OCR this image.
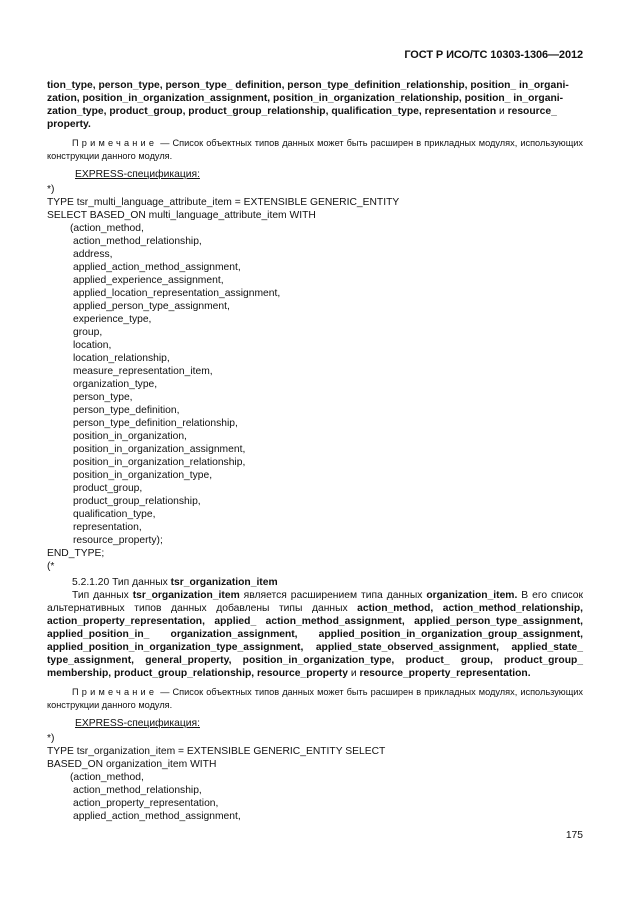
ГОСТ Р ИСО/ТС 10303-1306—2012
tion_type, person_type, person_type_ definition, person_type_definition_relationship, position_ in_organi-
zation, position_in_organization_assignment, position_in_organization_relationship, position_ in_organi-
zation_type, product_group, product_group_relationship, qualification_type, representation и resource_
property.
Примечание — Список объектных типов данных может быть расширен в прикладных модулях, использующих конструкции данного модуля.
EXPRESS-спецификация:
*)
TYPE tsr_multi_language_attribute_item = EXTENSIBLE GENERIC_ENTITY
SELECT BASED_ON multi_language_attribute_item WITH
(action_method,
action_method_relationship,
address,
applied_action_method_assignment,
applied_experience_assignment,
applied_location_representation_assignment,
applied_person_type_assignment,
experience_type,
group,
location,
location_relationship,
measure_representation_item,
organization_type,
person_type,
person_type_definition,
person_type_definition_relationship,
position_in_organization,
position_in_organization_assignment,
position_in_organization_relationship,
position_in_organization_type,
product_group,
product_group_relationship,
qualification_type,
representation,
resource_property);
END_TYPE;
(*
5.2.1.20 Тип данных tsr_organization_item
Тип данных tsr_organization_item является расширением типа данных organization_item. В его список альтернативных типов данных добавлены типы данных action_method, action_method_relationship, action_property_representation, applied_ action_method_assignment, applied_person_type_assignment, applied_position_in_ organization_assignment, applied_position_in_organization_group_assignment, applied_position_in_organization_type_assignment, applied_state_observed_assignment, applied_state_ type_assignment, general_property, position_in_organization_type, product_ group, product_group_ membership, product_group_relationship, resource_property и resource_property_representation.
Примечание — Список объектных типов данных может быть расширен в прикладных модулях, использующих конструкции данного модуля.
EXPRESS-спецификация:
*)
TYPE tsr_organization_item = EXTENSIBLE GENERIC_ENTITY SELECT
BASED_ON organization_item WITH
(action_method,
action_method_relationship,
action_property_representation,
applied_action_method_assignment,
175
